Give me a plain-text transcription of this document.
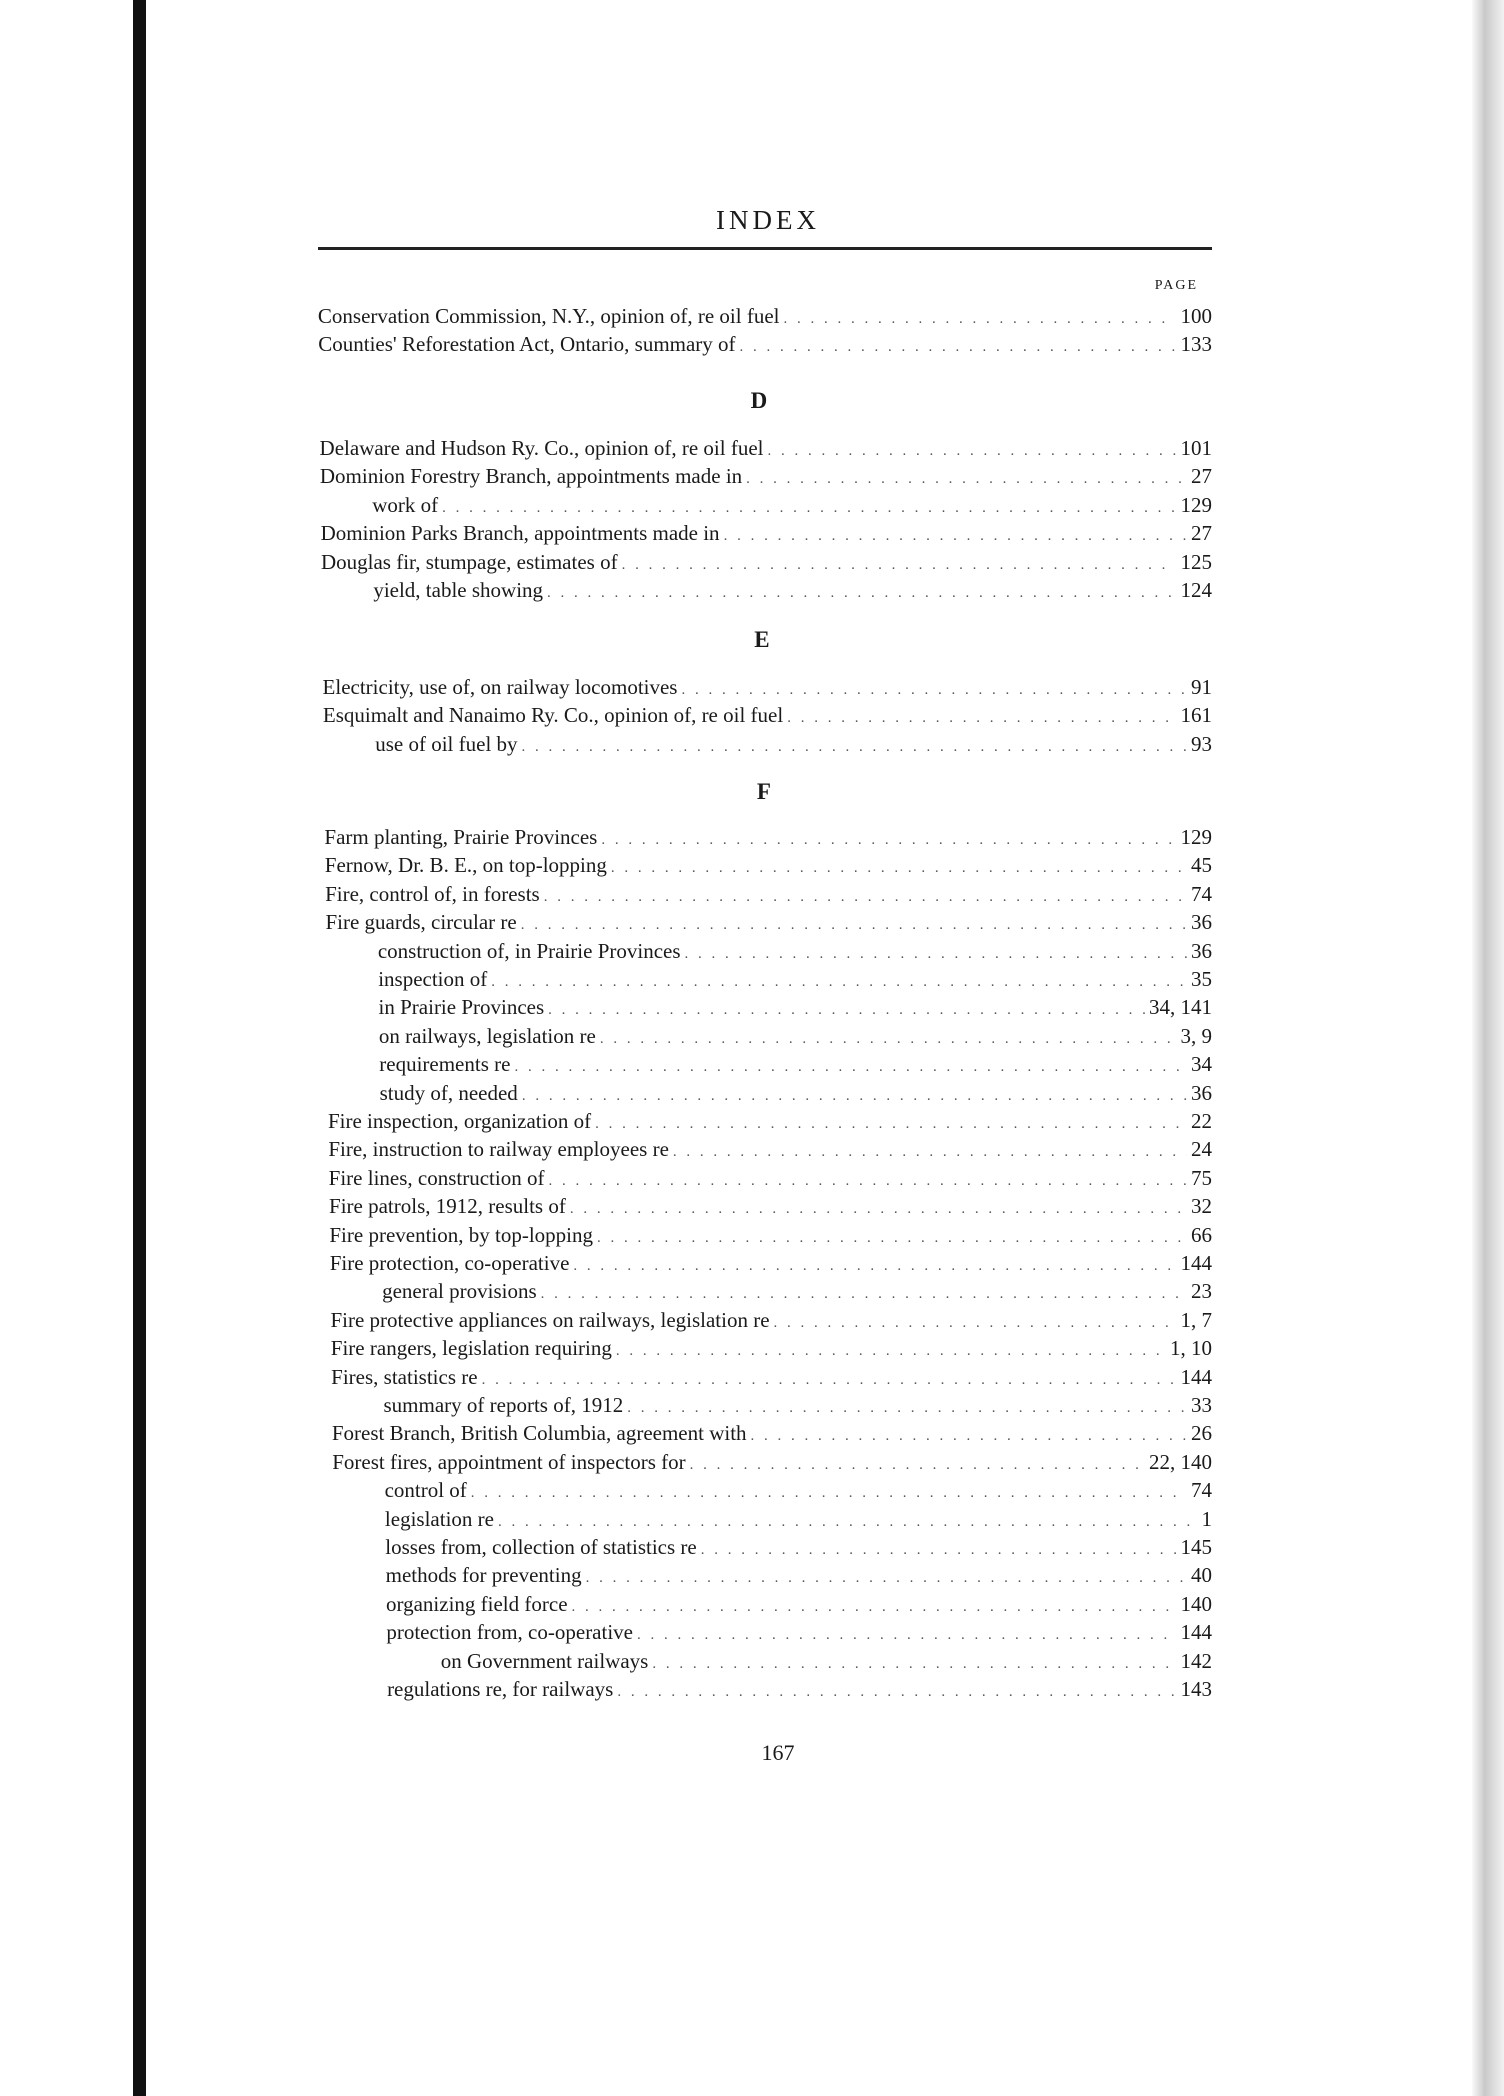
INDEX
PAGE
Conservation Commission, N.Y., opinion of, re oil fuel . . .	100
Counties' Reforestation Act, Ontario, summary of . . .	133
D
Delaware and Hudson Ry. Co., opinion of, re oil fuel . . .	101
Dominion Forestry Branch, appointments made in . . .	27
work of . . .	129
Dominion Parks Branch, appointments made in . . .	27
Douglas fir, stumpage, estimates of . . .	125
yield, table showing . . .	124
E
Electricity, use of, on railway locomotives . . .	91
Esquimalt and Nanaimo Ry. Co., opinion of, re oil fuel . . .	161
use of oil fuel by . . .	93
F
Farm planting, Prairie Provinces . . .	129
Fernow, Dr. B. E., on top-lopping . . .	45
Fire, control of, in forests . . .	74
Fire guards, circular re . . .	36
construction of, in Prairie Provinces . . .	36
inspection of . . .	35
in Prairie Provinces . . .	34, 141
on railways, legislation re . . .	3, 9
requirements re . . .	34
study of, needed . . .	36
Fire inspection, organization of . . .	22
Fire, instruction to railway employees re . . .	24
Fire lines, construction of . . .	75
Fire patrols, 1912, results of . . .	32
Fire prevention, by top-lopping . . .	66
Fire protection, co-operative . . .	144
general provisions . . .	23
Fire protective appliances on railways, legislation re . . .	1, 7
Fire rangers, legislation requiring . . .	1, 10
Fires, statistics re . . .	144
summary of reports of, 1912 . . .	33
Forest Branch, British Columbia, agreement with . . .	26
Forest fires, appointment of inspectors for . . .	22, 140
control of . . .	74
legislation re . . .	1
losses from, collection of statistics re . . .	145
methods for preventing . . .	40
organizing field force . . .	140
protection from, co-operative . . .	144
on Government railways . . .	142
regulations re, for railways . . .	143
167
